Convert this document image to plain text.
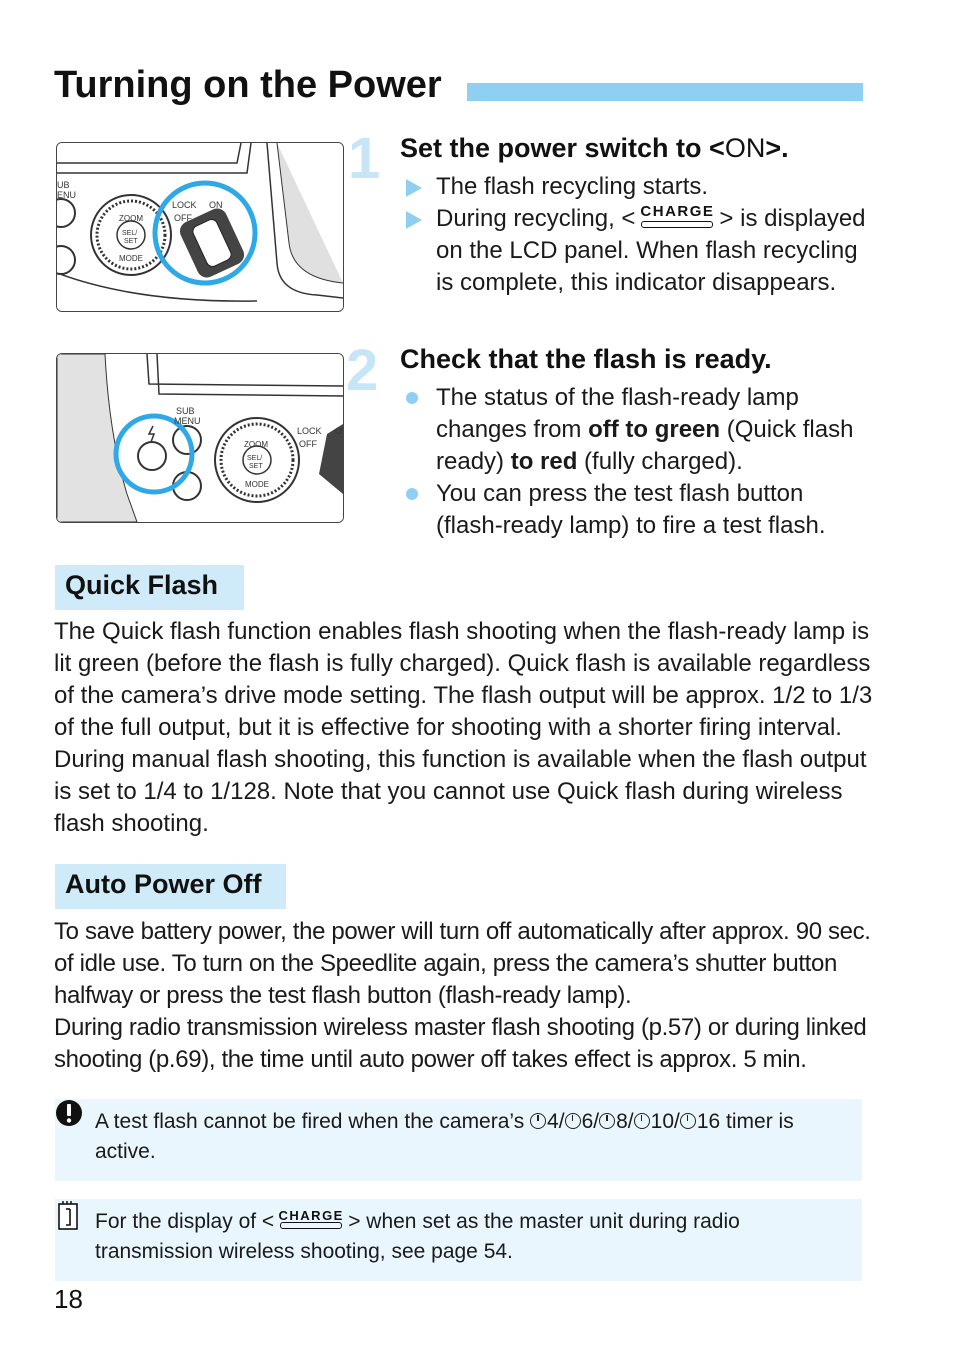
Turning on the Power
UB
ENU
LOCK ON
OFF
ZOOM
SEL/
SET
MODE
1 Set the power switch to <ON>.
The flash recycling starts.
During recycling, < CHARGE > is displayed on the LCD panel. When flash recycling is complete, this indicator disappears.
SUB
MENU
LOCK O
OFF
ZOOM
SEL/
SET
MODE
2 Check that the flash is ready.
The status of the flash-ready lamp changes from off to green (Quick flash ready) to red (fully charged).
You can press the test flash button (flash-ready lamp) to fire a test flash.
Quick Flash
The Quick flash function enables flash shooting when the flash-ready lamp is lit green (before the flash is fully charged). Quick flash is available regardless of the camera’s drive mode setting. The flash output will be approx. 1/2 to 1/3 of the full output, but it is effective for shooting with a shorter firing interval. During manual flash shooting, this function is available when the flash output is set to 1/4 to 1/128. Note that you cannot use Quick flash during wireless flash shooting.
Auto Power Off
To save battery power, the power will turn off automatically after approx. 90 sec. of idle use. To turn on the Speedlite again, press the camera’s shutter button halfway or press the test flash button (flash-ready lamp).
During radio transmission wireless master flash shooting (p.57) or during linked shooting (p.69), the time until auto power off takes effect is approx. 5 min.
A test flash cannot be fired when the camera’s 4/ 6/ 8/ 10/ 16 timer is active.
For the display of < CHARGE > when set as the master unit during radio transmission wireless shooting, see page 54.
18
